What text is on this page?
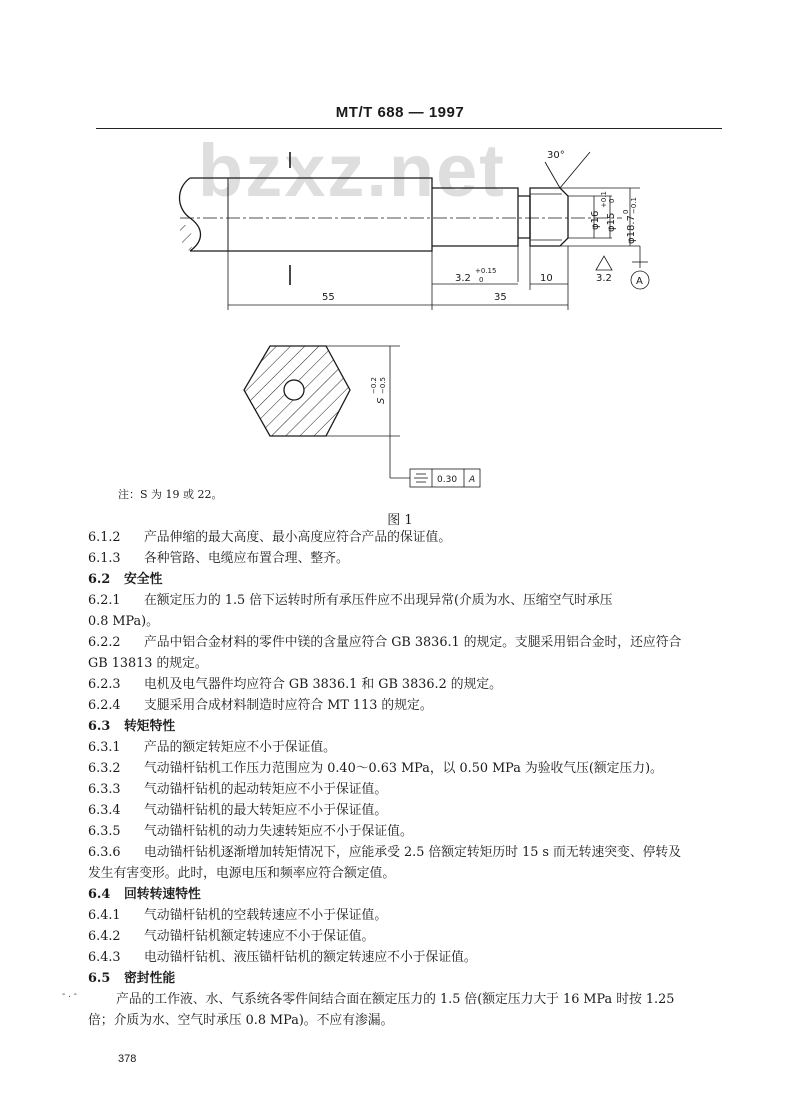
MT/T 688 — 1997
bzxz.net	30°
φ16 φ15
+0.1 0
φ18.7
0 −0.1
3.2
+0.15
0	10
55	35
3.2 A
S
−0.2 −0.5
0.30 A
注：S 为 19 或 22。
图 1

6.1.2 产品伸缩的最大高度、最小高度应符合产品的保证值。

6.1.3 各种管路、电缆应布置合理、整齐。

6.2 安全性

6.2.1 在额定压力的 1.5 倍下运转时所有承压件应不出现异常(介质为水、压缩空气时承压

0.8 MPa)。

6.2.2 产品中铝合金材料的零件中镁的含量应符合 GB 3836.1 的规定。支腿采用铝合金时，还应符合

GB 13813 的规定。

6.2.3 电机及电气器件均应符合 GB 3836.1 和 GB 3836.2 的规定。

6.2.4 支腿采用合成材料制造时应符合 MT 113 的规定。

6.3 转矩特性

6.3.1 产品的额定转矩应不小于保证值。

6.3.2 气动锚杆钻机工作压力范围应为 0.40～0.63 MPa，以 0.50 MPa 为验收气压(额定压力)。

6.3.3 气动锚杆钻机的起动转矩应不小于保证值。

6.3.4 气动锚杆钻机的最大转矩应不小于保证值。

6.3.5 气动锚杆钻机的动力失速转矩应不小于保证值。

6.3.6 电动锚杆钻机逐渐增加转矩情况下，应能承受 2.5 倍额定转矩历时 15 s 而无转速突变、停转及

发生有害变形。此时，电源电压和频率应符合额定值。

6.4 回转转速特性

6.4.1 气动锚杆钻机的空载转速应不小于保证值。

6.4.2 气动锚杆钻机额定转速应不小于保证值。

6.4.3 电动锚杆钻机、液压锚杆钻机的额定转速应不小于保证值。

6.5 密封性能

产品的工作液、水、气系统各零件间结合面在额定压力的 1.5 倍(额定压力大于 16 MPa 时按 1.25

倍；介质为水、空气时承压 0.8 MPa)。不应有渗漏。

- . -
378
